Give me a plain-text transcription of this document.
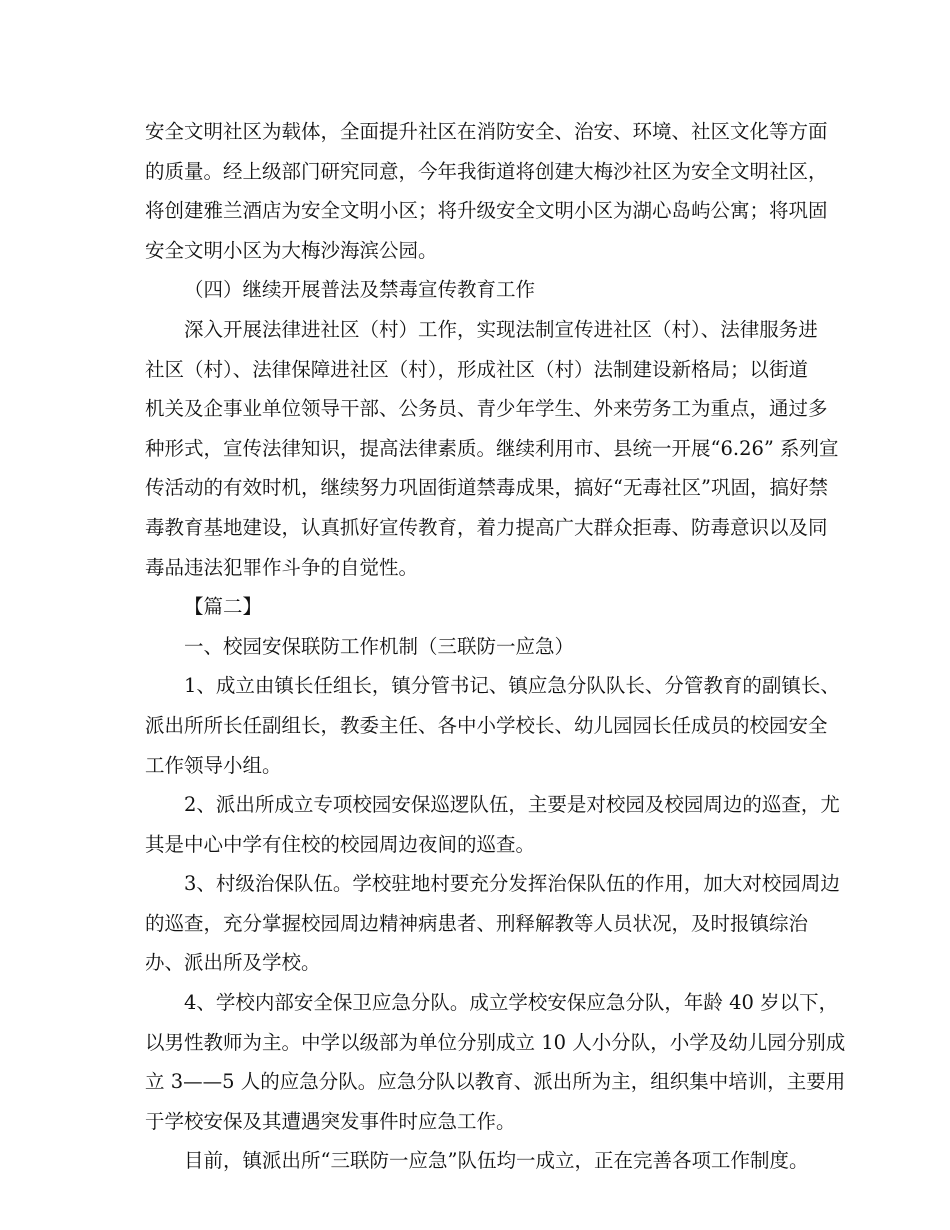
安全文明社区为载体，全面提升社区在消防安全、治安、环境、社区文化等方面
的质量。经上级部门研究同意，今年我街道将创建大梅沙社区为安全文明社区，
将创建雅兰酒店为安全文明小区；将升级安全文明小区为湖心岛屿公寓；将巩固
安全文明小区为大梅沙海滨公园。

（四）继续开展普法及禁毒宣传教育工作

深入开展法律进社区（村）工作，实现法制宣传进社区（村）、法律服务进
社区（村）、法律保障进社区（村），形成社区（村）法制建设新格局；以街道
机关及企事业单位领导干部、公务员、青少年学生、外来劳务工为重点，通过多
种形式，宣传法律知识，提高法律素质。继续利用市、县统一开展“6.26” 系列宣
传活动的有效时机，继续努力巩固街道禁毒成果，搞好“无毒社区”巩固，搞好禁
毒教育基地建设，认真抓好宣传教育，着力提高广大群众拒毒、防毒意识以及同
毒品违法犯罪作斗争的自觉性。

【篇二】

一、校园安保联防工作机制（三联防一应急）

1、成立由镇长任组长，镇分管书记、镇应急分队队长、分管教育的副镇长、
派出所所长任副组长，教委主任、各中小学校长、幼儿园园长任成员的校园安全
工作领导小组。

2、派出所成立专项校园安保巡逻队伍，主要是对校园及校园周边的巡查，尤
其是中心中学有住校的校园周边夜间的巡查。

3、村级治保队伍。学校驻地村要充分发挥治保队伍的作用，加大对校园周边
的巡查，充分掌握校园周边精神病患者、刑释解教等人员状况，及时报镇综治
办、派出所及学校。

4、学校内部安全保卫应急分队。成立学校安保应急分队，年龄 40 岁以下，
以男性教师为主。中学以级部为单位分别成立 10 人小分队，小学及幼儿园分别成
立 3——5 人的应急分队。应急分队以教育、派出所为主，组织集中培训，主要用
于学校安保及其遭遇突发事件时应急工作。

目前，镇派出所“三联防一应急”队伍均一成立，正在完善各项工作制度。
